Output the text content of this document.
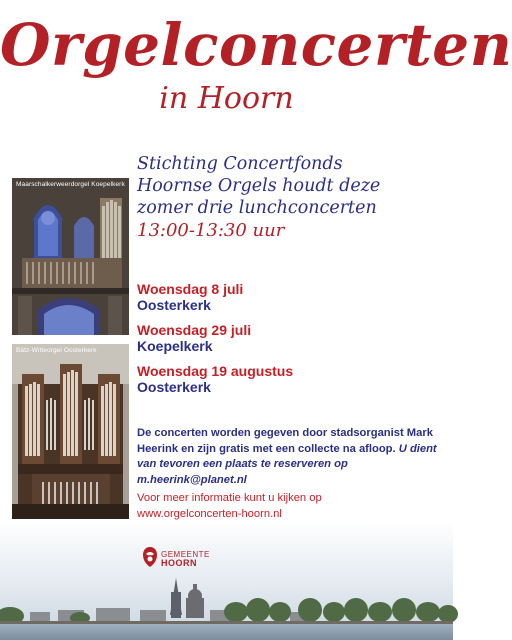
Orgelconcerten
in Hoorn
Stichting Concertfonds
Hoornse Orgels houdt deze
zomer drie lunchconcerten
13:00-13:30 uur
Maarschalkerweerdorgel Koepelkerk
Bätz-Witteorgel Oosterkerk
Woensdag 8 juli
Oosterkerk
Woensdag 29 juli
Koepelkerk
Woensdag 19 augustus
Oosterkerk
De concerten worden gegeven door stadsorganist Mark Heerink en zijn gratis met een collecte na afloop. U dient van tevoren een plaats te reserveren op m.heerink@planet.nl
Voor meer informatie kunt u kijken op
www.orgelconcerten-hoorn.nl
GEMEENTE
HOORN
